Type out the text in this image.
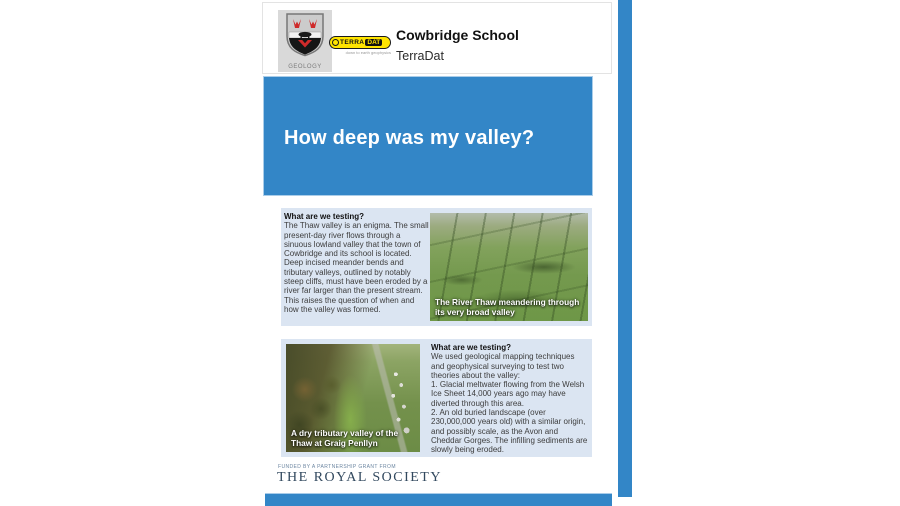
GEOLOGY
TERRA DAT
down to earth geophysics
Cowbridge School
TerraDat
How deep was my valley?
What are we testing?

The Thaw valley is an enigma. The small present-day river flows through a sinuous lowland valley that the town of Cowbridge and its school is located. Deep incised meander bends and tributary valleys, outlined by notably steep cliffs, must have been eroded by a river far larger than the present stream. This raises the question of when and how the valley was formed.

The River Thaw meandering through its very broad valley
A dry tributary valley of the Thaw at Graig Penllyn
What are we testing?

We used geological mapping techniques and geophysical surveying to test two theories about the valley:

1. Glacial meltwater flowing from the Welsh Ice Sheet 14,000 years ago may have diverted through this area.

2. An old buried landscape (over 230,000,000 years old) with a similar origin, and possibly scale, as the Avon and Cheddar Gorges. The infilling sediments are slowly being eroded.

FUNDED BY A PARTNERSHIP GRANT FROM
THE ROYAL SOCIETY
